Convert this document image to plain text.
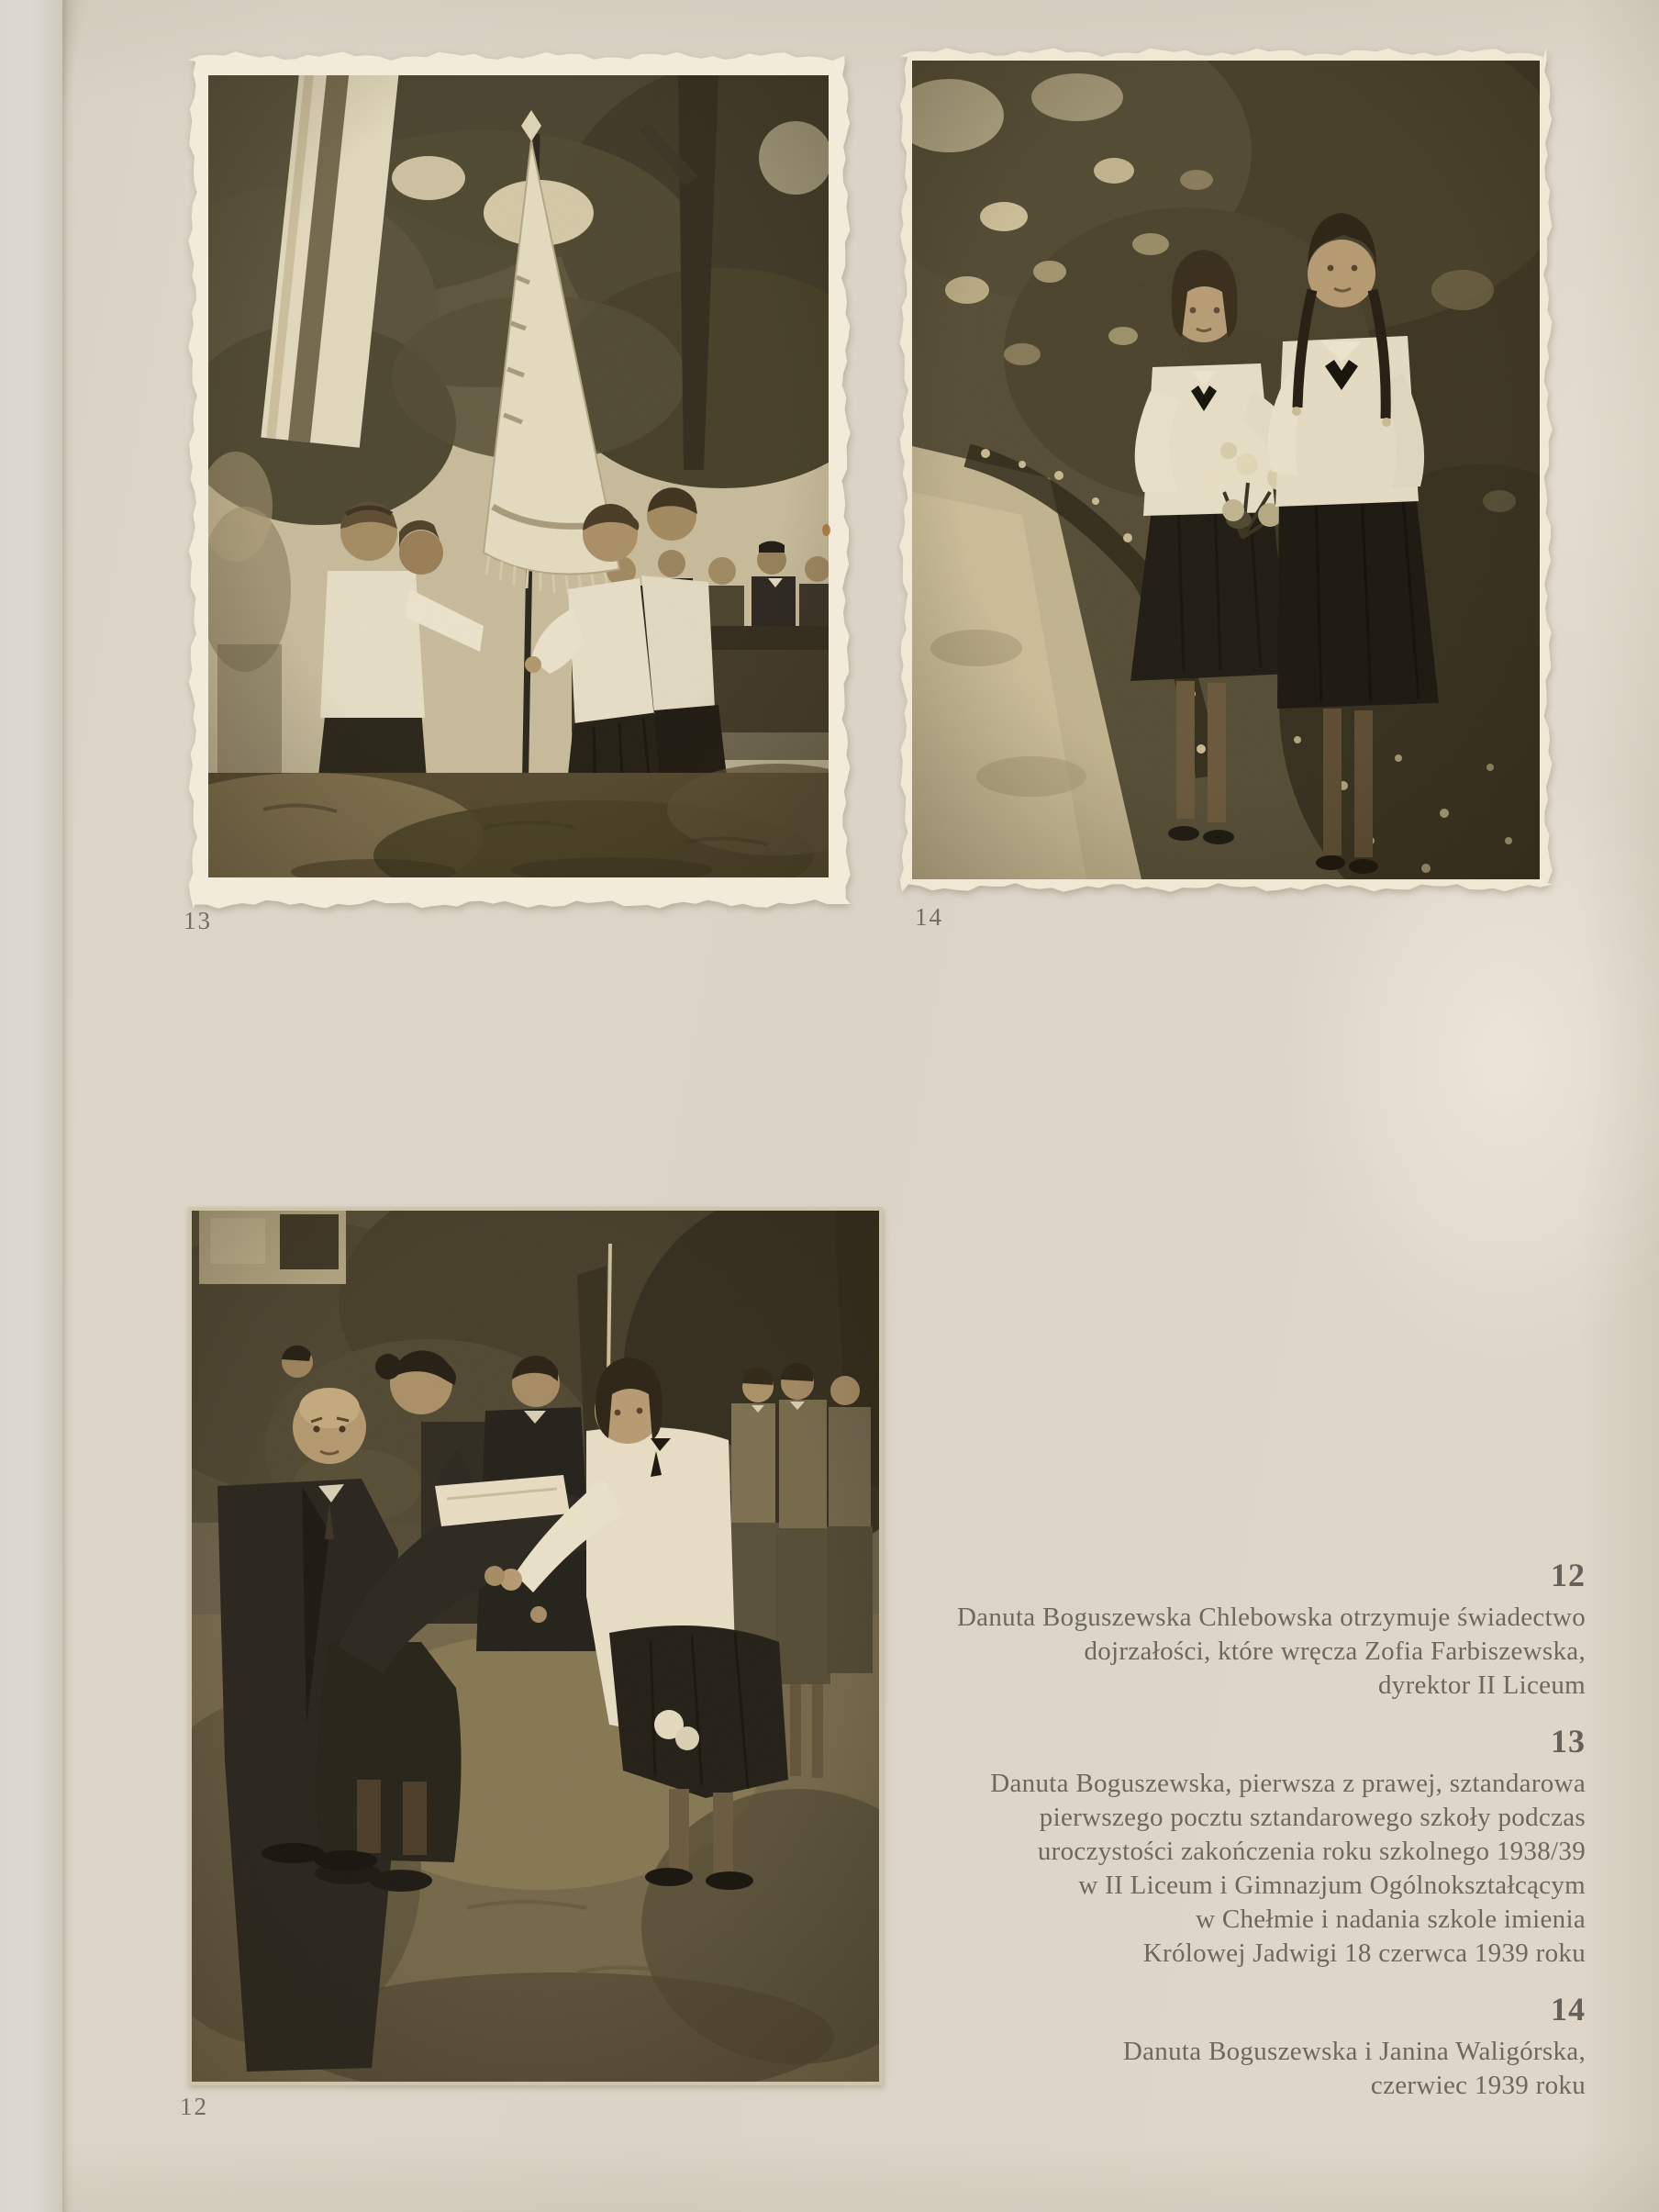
13	14
12
12
Danuta Boguszewska Chlebowska otrzymuje świadectwo
dojrzałości, które wręcza Zofia Farbiszewska,
dyrektor II Liceum
13
Danuta Boguszewska, pierwsza z prawej, sztandarowa
pierwszego pocztu sztandarowego szkoły podczas
uroczystości zakończenia roku szkolnego 1938/39
w II Liceum i Gimnazjum Ogólnokształcącym
w Chełmie i nadania szkole imienia
Królowej Jadwigi 18 czerwca 1939 roku
14
Danuta Boguszewska i Janina Waligórska,
czerwiec 1939 roku
